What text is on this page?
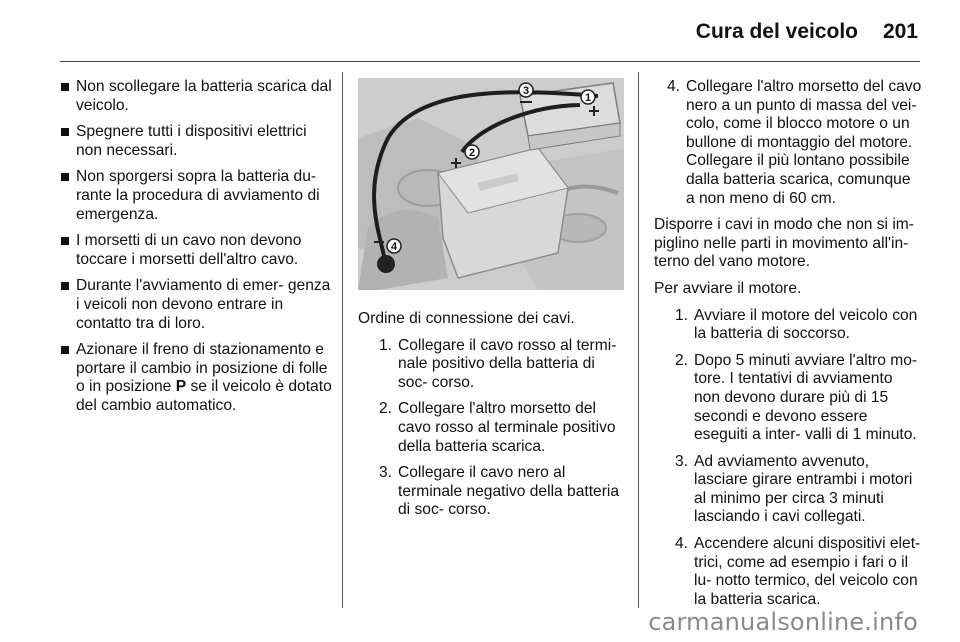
Cura del veicolo	201
Non scollegare la batteria scarica dal veicolo.
Spegnere tutti i dispositivi elettrici non necessari.
Non sporgersi sopra la batteria du- rante la procedura di avviamento di emergenza.
I morsetti di un cavo non devono toccare i morsetti dell'altro cavo.
Durante l'avviamento di emer- genza i veicoli non devono entrare in contatto tra di loro.
Azionare il freno di stazionamento e portare il cambio in posizione di folle o in posizione P se il veicolo è dotato del cambio automatico.
1
2
3
4

Ordine di connessione dei cavi.

1. Collegare il cavo rosso al termi- nale positivo della batteria di soc- corso.
2. Collegare l'altro morsetto del cavo rosso al terminale positivo della batteria scarica.
3. Collegare il cavo nero al terminale negativo della batteria di soc- corso.
4. Collegare l'altro morsetto del cavo nero a un punto di massa del vei- colo, come il blocco motore o un bullone di montaggio del motore. Collegare il più lontano possibile dalla batteria scarica, comunque a non meno di 60 cm.

Disporre i cavi in modo che non si im- piglino nelle parti in movimento all'in- terno del vano motore.

Per avviare il motore.

1. Avviare il motore del veicolo con la batteria di soccorso.
2. Dopo 5 minuti avviare l'altro mo- tore. I tentativi di avviamento non devono durare più di 15 secondi e devono essere eseguiti a inter- valli di 1 minuto.
3. Ad avviamento avvenuto, lasciare girare entrambi i motori al minimo per circa 3 minuti lasciando i cavi collegati.
4. Accendere alcuni dispositivi elet- trici, come ad esempio i fari o il lu- notto termico, del veicolo con la batteria scarica.
carmanualsonline.info
